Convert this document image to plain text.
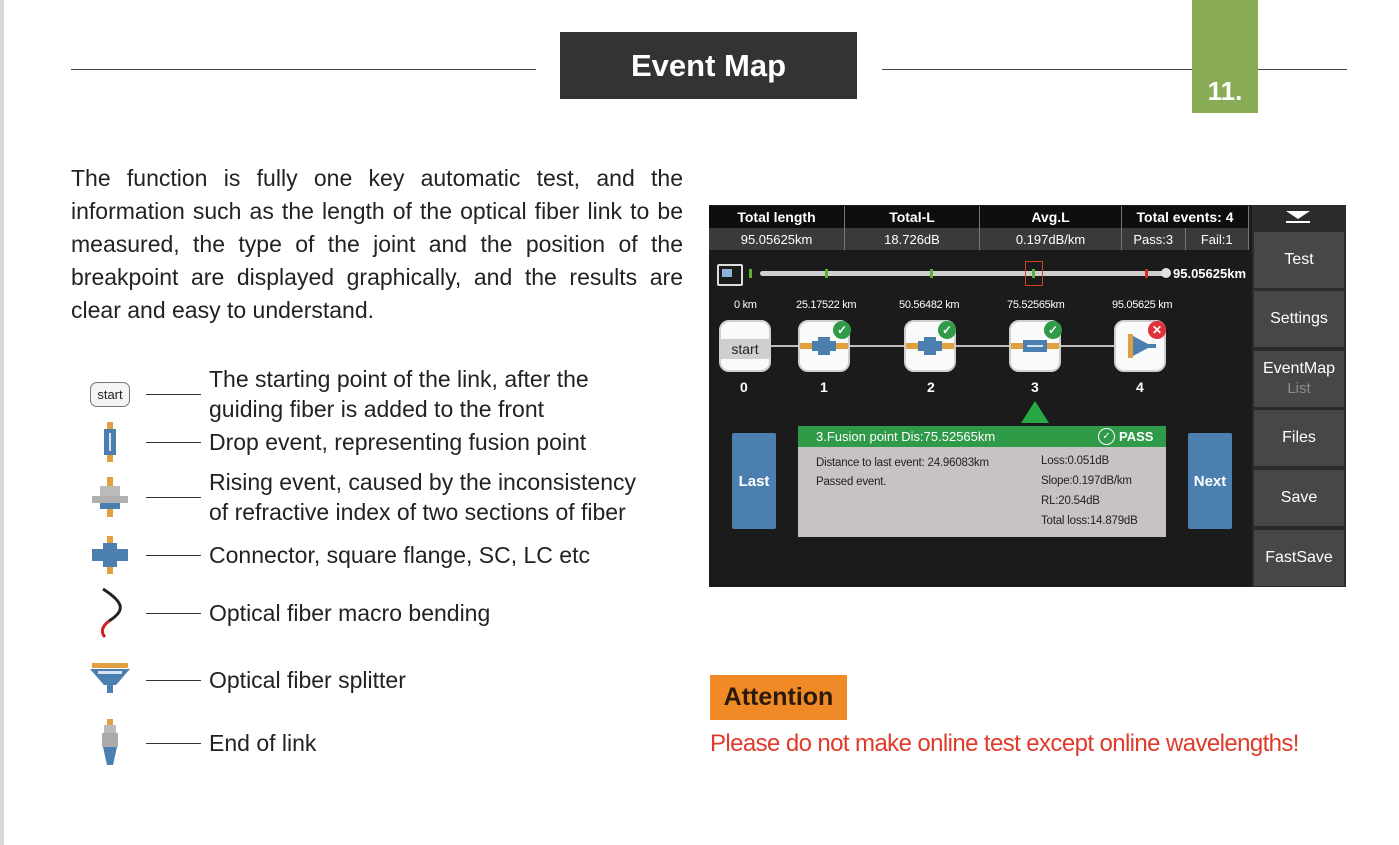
Event Map
11.
The function is fully one key automatic test, and the information such as the length of the optical fiber link to be measured, the type of the joint and the position of the breakpoint are displayed graphically, and the results are clear and easy to understand.
start
The starting point of the link, after the
guiding fiber is added to the front
Drop event, representing fusion point
Rising event, caused by the inconsistency
of refractive index of two sections of fiber
Connector, square flange, SC, LC etc
Optical fiber macro bending
Optical fiber splitter
End of link
Total length	Total-L	Avg.L	Total events: 4
95.05625km	18.726dB	0.197dB/km	Pass:3	Fail:1
Test
Settings
EventMap
List
Files
Save
FastSave
95.05625km
0 km	25.17522 km	50.56482 km	75.52565km	95.05625 km
start
✓	✓	✓	✕
0	1	2	3	4
Last	Next
3.Fusion point Dis:75.52565km	✓ PASS
Distance to last event: 24.96083km
Passed event.
Loss:0.051dB
Slope:0.197dB/km
RL:20.54dB
Total loss:14.879dB
Attention
Please do not make online test except online wavelengths!
